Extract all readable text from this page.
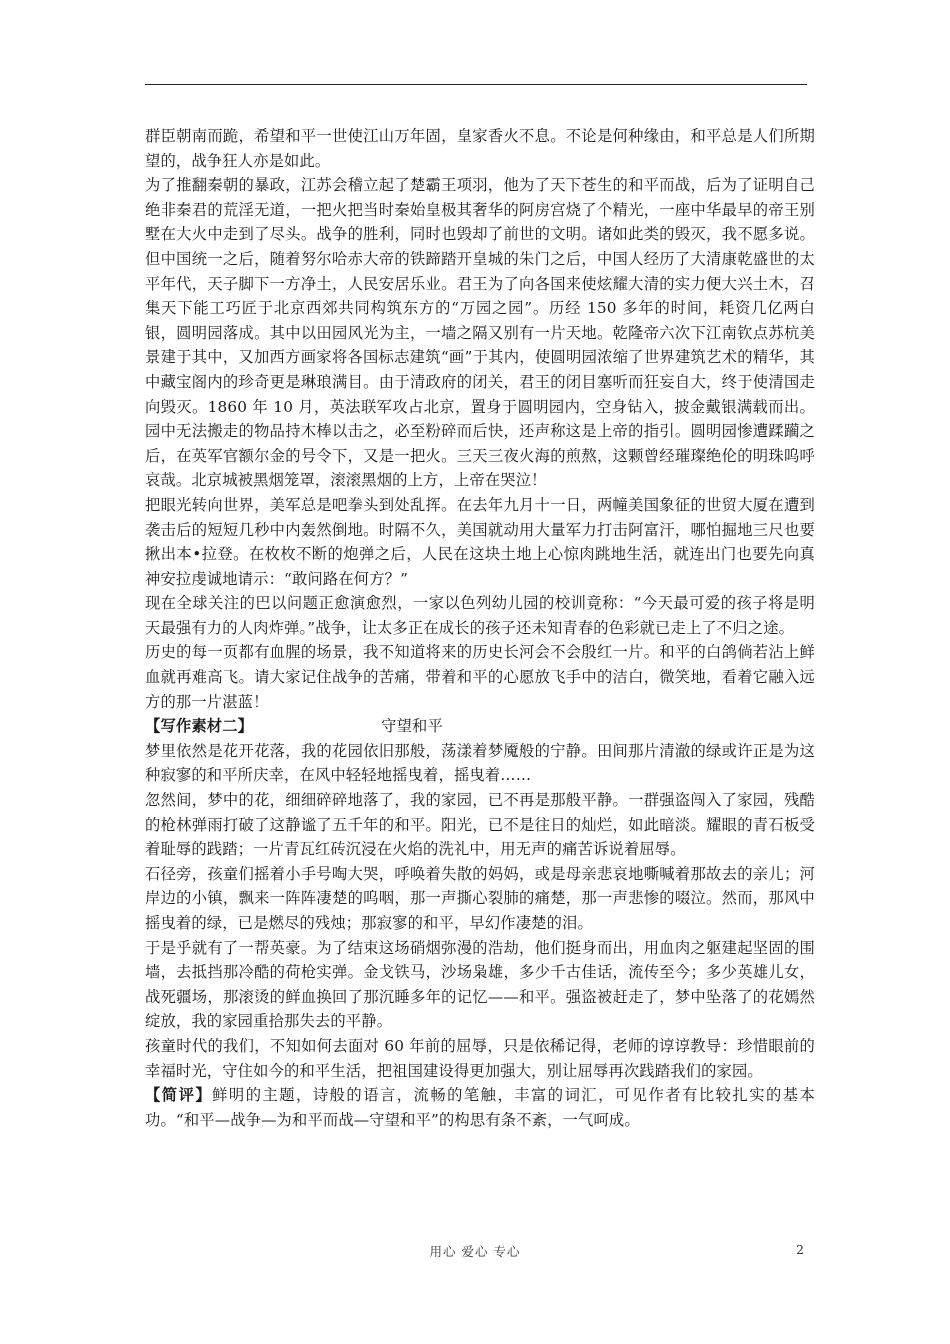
群臣朝南而跪，希望和平一世使江山万年固，皇家香火不息。不论是何种缘由，和平总是人们所期望的，战争狂人亦是如此。

为了推翻秦朝的暴政，江苏会稽立起了楚霸王项羽，他为了天下苍生的和平而战，后为了证明自己绝非秦君的荒淫无道，一把火把当时秦始皇极其奢华的阿房宫烧了个精光，一座中华最早的帝王别墅在大火中走到了尽头。战争的胜利，同时也毁却了前世的文明。诸如此类的毁灭，我不愿多说。但中国统一之后，随着努尔哈赤大帝的铁蹄踏开皇城的朱门之后，中国人经历了大清康乾盛世的太平年代，天子脚下一方净土，人民安居乐业。君王为了向各国来使炫耀大清的实力便大兴土木，召集天下能工巧匠于北京西郊共同构筑东方的“万园之园”。历经 150 多年的时间，耗资几亿两白银，圆明园落成。其中以田园风光为主，一墙之隔又别有一片天地。乾隆帝六次下江南钦点苏杭美景建于其中，又加西方画家将各国标志建筑“画”于其内，使圆明园浓缩了世界建筑艺术的精华，其中藏宝阁内的珍奇更是琳琅满目。由于清政府的闭关，君王的闭目塞听而狂妄自大，终于使清国走向毁灭。1860 年 10 月，英法联军攻占北京，置身于圆明园内，空身钻入，披金戴银满载而出。园中无法搬走的物品持木棒以击之，必至粉碎而后快，还声称这是上帝的指引。圆明园惨遭蹂躏之后，在英军官额尔金的号令下，又是一把火。三天三夜火海的煎熬，这颗曾经璀璨绝伦的明珠呜呼哀哉。北京城被黑烟笼罩，滚滚黑烟的上方，上帝在哭泣！

把眼光转向世界，美军总是吧拳头到处乱挥。在去年九月十一日，两幢美国象征的世贸大厦在遭到袭击后的短短几秒中内轰然倒地。时隔不久，美国就动用大量军力打击阿富汗，哪怕掘地三尺也要揪出本•拉登。在枚枚不断的炮弹之后，人民在这块土地上心惊肉跳地生活，就连出门也要先向真神安拉虔诚地请示：“敢问路在何方？”

现在全球关注的巴以问题正愈演愈烈，一家以色列幼儿园的校训竟称：“今天最可爱的孩子将是明天最强有力的人肉炸弹。”战争，让太多正在成长的孩子还未知青春的色彩就已走上了不归之途。

历史的每一页都有血腥的场景，我不知道将来的历史长河会不会殷红一片。和平的白鸽倘若沾上鲜血就再难高飞。请大家记住战争的苦痛，带着和平的心愿放飞手中的洁白，微笑地，看着它融入远方的那一片湛蓝！

【写作素材二】	守望和平

梦里依然是花开花落，我的花园依旧那般，荡漾着梦魇般的宁静。田间那片清澈的绿或许正是为这种寂寥的和平所庆幸，在风中轻轻地摇曳着，摇曳着……

忽然间，梦中的花，细细碎碎地落了，我的家园，已不再是那般平静。一群强盗闯入了家园，残酷的枪林弹雨打破了这静谧了五千年的和平。阳光，已不是往日的灿烂，如此暗淡。耀眼的青石板受着耻辱的践踏；一片青瓦红砖沉浸在火焰的洗礼中，用无声的痛苦诉说着屈辱。

石径旁，孩童们摇着小手号啕大哭，呼唤着失散的妈妈，或是母亲悲哀地嘶喊着那故去的亲儿；河岸边的小镇，飘来一阵阵凄楚的呜咽，那一声撕心裂肺的痛楚，那一声悲惨的啜泣。然而，那风中摇曳着的绿，已是燃尽的残烛；那寂寥的和平，早幻作凄楚的泪。

于是乎就有了一帮英豪。为了结束这场硝烟弥漫的浩劫，他们挺身而出，用血肉之躯建起坚固的围墙，去抵挡那冷酷的荷枪实弹。金戈铁马，沙场枭雄，多少千古佳话，流传至今；多少英雄儿女，战死疆场，那滚烫的鲜血换回了那沉睡多年的记忆——和平。强盗被赶走了，梦中坠落了的花嫣然绽放，我的家园重拾那失去的平静。

孩童时代的我们，不知如何去面对 60 年前的屈辱，只是依稀记得，老师的谆谆教导：珍惜眼前的幸福时光，守住如今的和平生活，把祖国建设得更加强大，别让屈辱再次践踏我们的家园。

【简评】鲜明的主题，诗般的语言，流畅的笔触，丰富的词汇，可见作者有比较扎实的基本功。“和平—战争—为和平而战—守望和平”的构思有条不紊，一气呵成。

用心 爱心 专心	2
